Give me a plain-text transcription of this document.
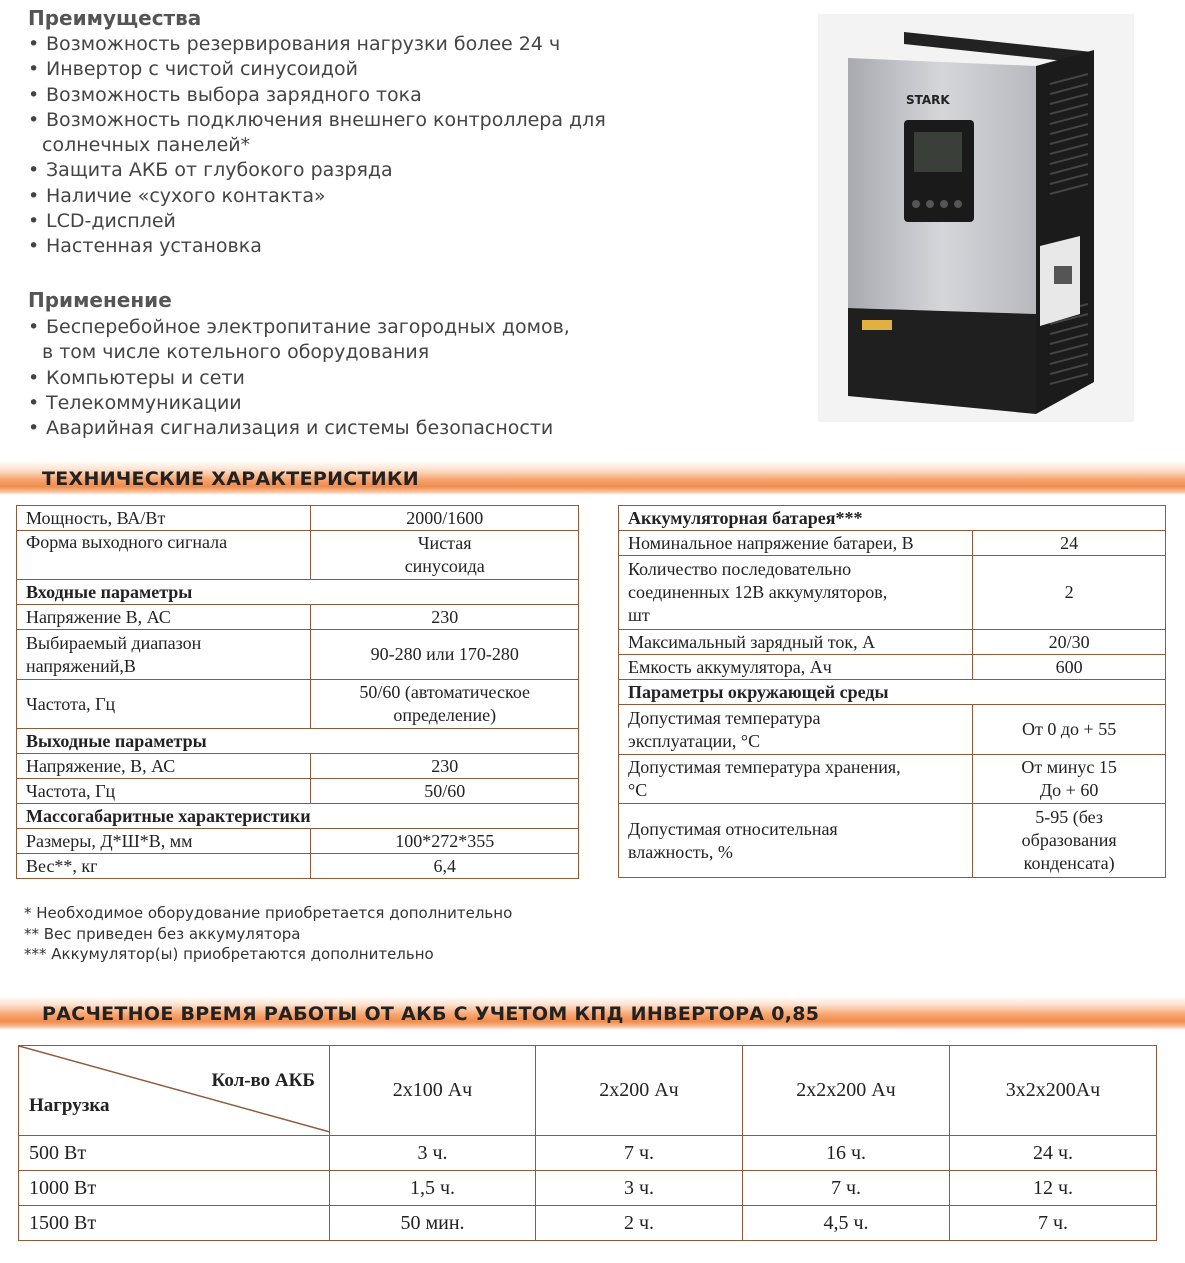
Преимущества
• Возможность резервирования нагрузки более 24 ч
• Инвертор с чистой синусоидой
• Возможность выбора зарядного тока
• Возможность подключения внешнего контроллера для
солнечных панелей*
• Защита АКБ от глубокого разряда
• Наличие «сухого контакта»
• LCD-дисплей
• Настенная установка
Применение
• Бесперебойное электропитание загородных домов,
в том числе котельного оборудования
• Компьютеры и сети
• Телекоммуникации
• Аварийная сигнализация и системы безопасности
STARK
ТЕХНИЧЕСКИЕ ХАРАКТЕРИСТИКИ
Мощность, ВА/Вт	2000/1600
Форма выходного сигнала	Чистая
синусоида
Входные параметры	
Напряжение В, АС	230
Выбираемый диапазон
напряжений,В	90-280 или 170-280
Частота, Гц	50/60 (автоматическое
определение)
Выходные параметры	
Напряжение, В, АС	230
Частота, Гц	50/60
Массогабаритные характеристики	
Размеры, Д*Ш*В, мм	100*272*355
Вес**, кг	6,4
Аккумуляторная батарея***	
Номинальное напряжение батареи, В	24
Количество последовательно
соединенных 12В аккумуляторов,
шт	2
Максимальный зарядный ток, А	20/30
Емкость аккумулятора, Ач	600
Параметры окружающей среды	
Допустимая температура
эксплуатации, °С	От 0 до + 55
Допустимая температура хранения,
°С	От минус 15
До + 60
Допустимая относительная
влажность, %	5-95 (без
образования
конденсата)
* Необходимое оборудование приобретается дополнительно
** Вес приведен без аккумулятора
*** Аккумулятор(ы) приобретаются дополнительно
РАСЧЕТНОЕ ВРЕМЯ РАБОТЫ ОТ АКБ С УЧЕТОМ КПД ИНВЕРТОРА 0,85
Кол-во АКБ
Нагрузка	2х100 Ач	2х200 Ач	2х2х200 Ач	3х2х200Ач
500 Вт	3 ч.	7 ч.	16 ч.	24 ч.
1000 Вт	1,5 ч.	3 ч.	7 ч.	12 ч.
1500 Вт	50 мин.	2 ч.	4,5 ч.	7 ч.
